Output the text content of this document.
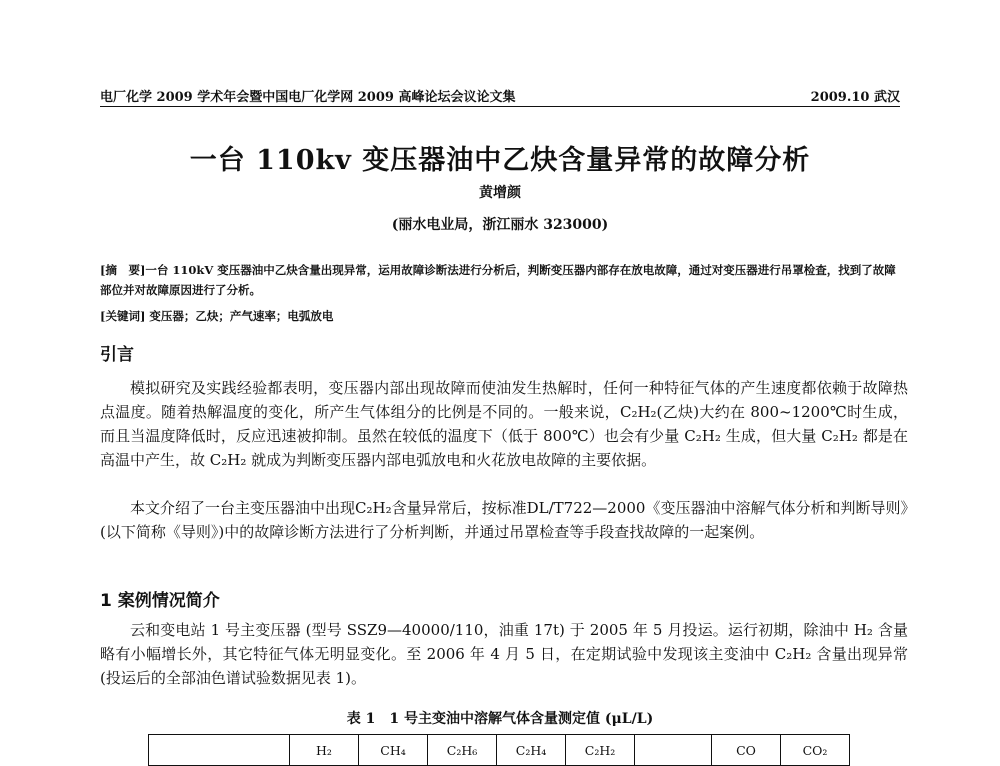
电厂化学 2009 学术年会暨中国电厂化学网 2009 高峰论坛会议论文集	2009.10 武汉
一台 110kv 变压器油中乙炔含量异常的故障分析
黄增颜
(丽水电业局，浙江丽水 323000)
[摘　要]一台 110kV 变压器油中乙炔含量出现异常，运用故障诊断法进行分析后，判断变压器内部存在放电故障，通过对变压器进行吊罩检查，找到了故障部位并对故障原因进行了分析。
[关键词] 变压器；乙炔；产气速率；电弧放电
引言

模拟研究及实践经验都表明，变压器内部出现故障而使油发生热解时，任何一种特征气体的产生速度都依赖于故障热点温度。随着热解温度的变化，所产生气体组分的比例是不同的。一般来说，C₂H₂(乙炔)大约在 800~1200℃时生成，而且当温度降低时，反应迅速被抑制。虽然在较低的温度下（低于 800℃）也会有少量 C₂H₂ 生成，但大量 C₂H₂ 都是在高温中产生，故 C₂H₂ 就成为判断变压器内部电弧放电和火花放电故障的主要依据。

本文介绍了一台主变压器油中出现C₂H₂含量异常后，按标准DL/T722—2000《变压器油中溶解气体分析和判断导则》(以下简称《导则》)中的故障诊断方法进行了分析判断，并通过吊罩检查等手段查找故障的一起案例。

1 案例情况简介

云和变电站 1 号主变压器 (型号 SSZ9—40000/110，油重 17t) 于 2005 年 5 月投运。运行初期，除油中 H₂ 含量略有小幅增长外，其它特征气体无明显变化。至 2006 年 4 月 5 日，在定期试验中发现该主变油中 C₂H₂ 含量出现异常(投运后的全部油色谱试验数据见表 1)。

表 1　1 号主变油中溶解气体含量测定值 (μL/L)
	H₂	CH₄	C₂H₆	C₂H₄	C₂H₂		CO	CO₂
